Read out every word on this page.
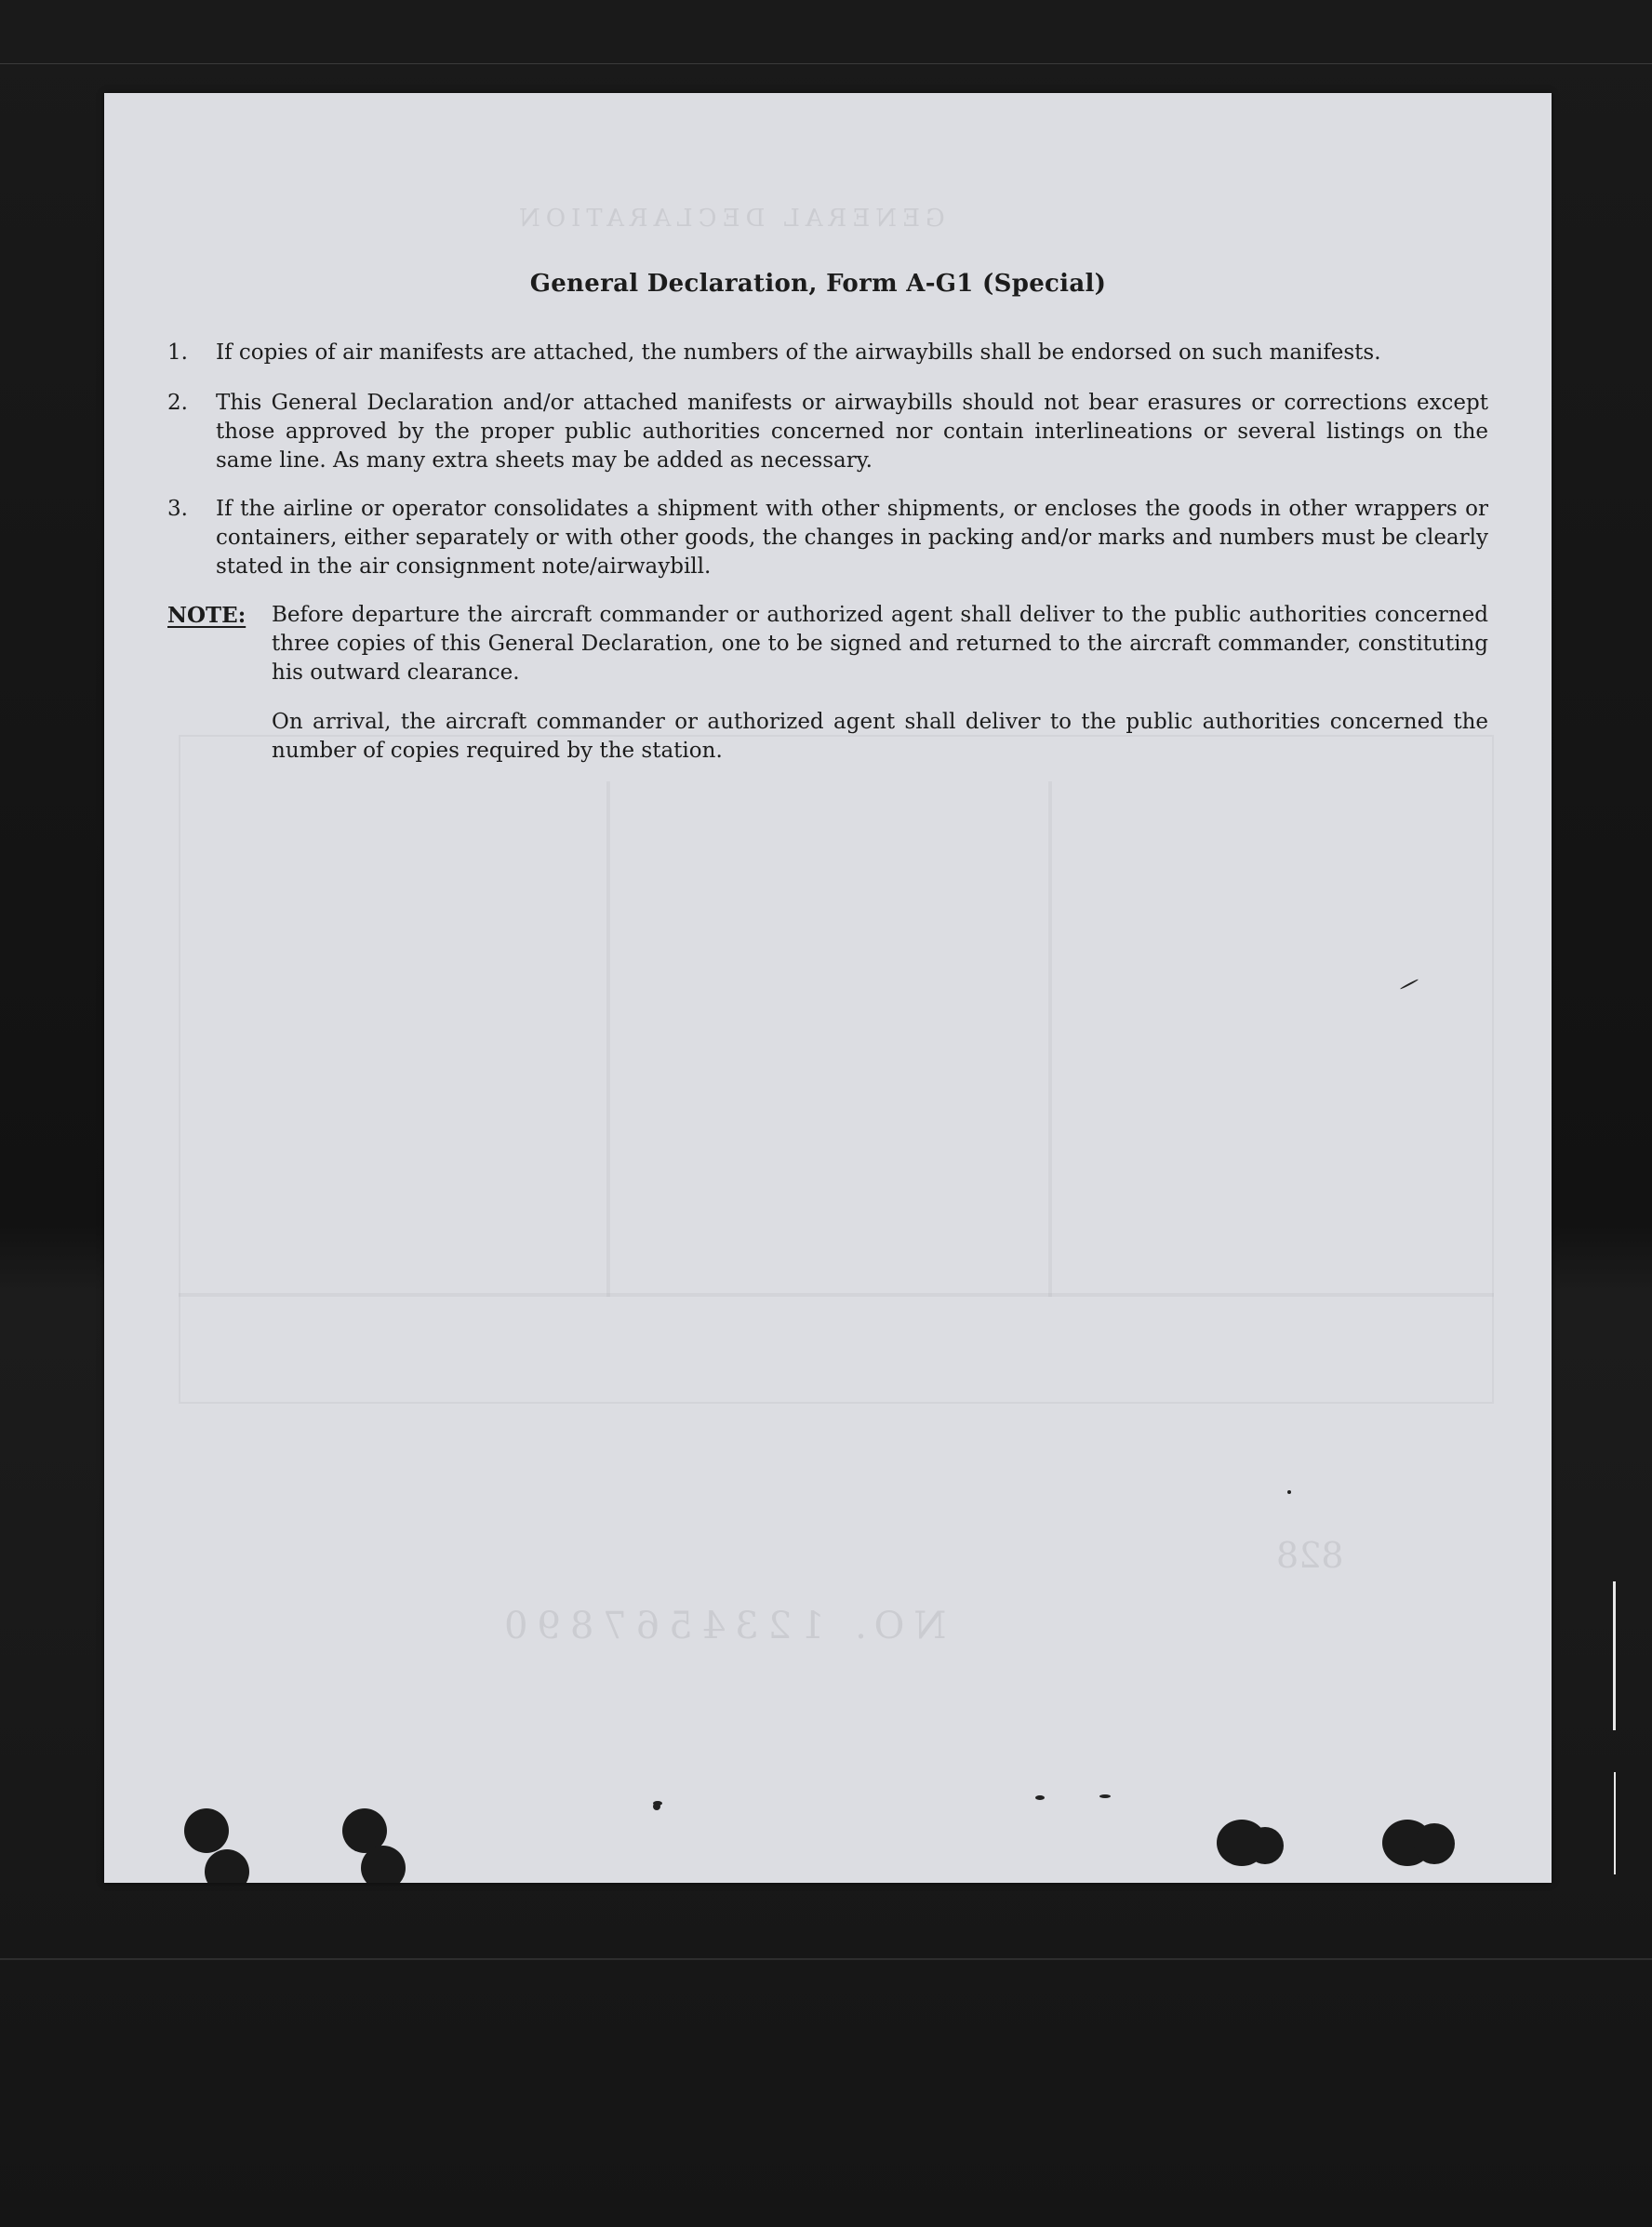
GENERAL DECLARATION
828
NO. 1234567890
General Declaration, Form A-G1 (Special)
1.	If copies of air manifests are attached, the numbers of the airwaybills shall be endorsed on such manifests.
2.	This General Declaration and/or attached manifests or airwaybills should not bear erasures or corrections except those approved by the proper public authorities concerned nor contain interlineations or several listings on the same line. As many extra sheets may be added as necessary.
3.	If the airline or operator consolidates a shipment with other shipments, or encloses the goods in other wrappers or containers, either separately or with other goods, the changes in packing and/or marks and numbers must be clearly stated in the air consignment note/airwaybill.
NOTE: Before departure the aircraft commander or authorized agent shall deliver to the public authorities concerned three copies of this General Declaration, one to be signed and returned to the aircraft commander, constituting his outward clearance.
On arrival, the aircraft commander or authorized agent shall deliver to the public authorities concerned the number of copies required by the station.
